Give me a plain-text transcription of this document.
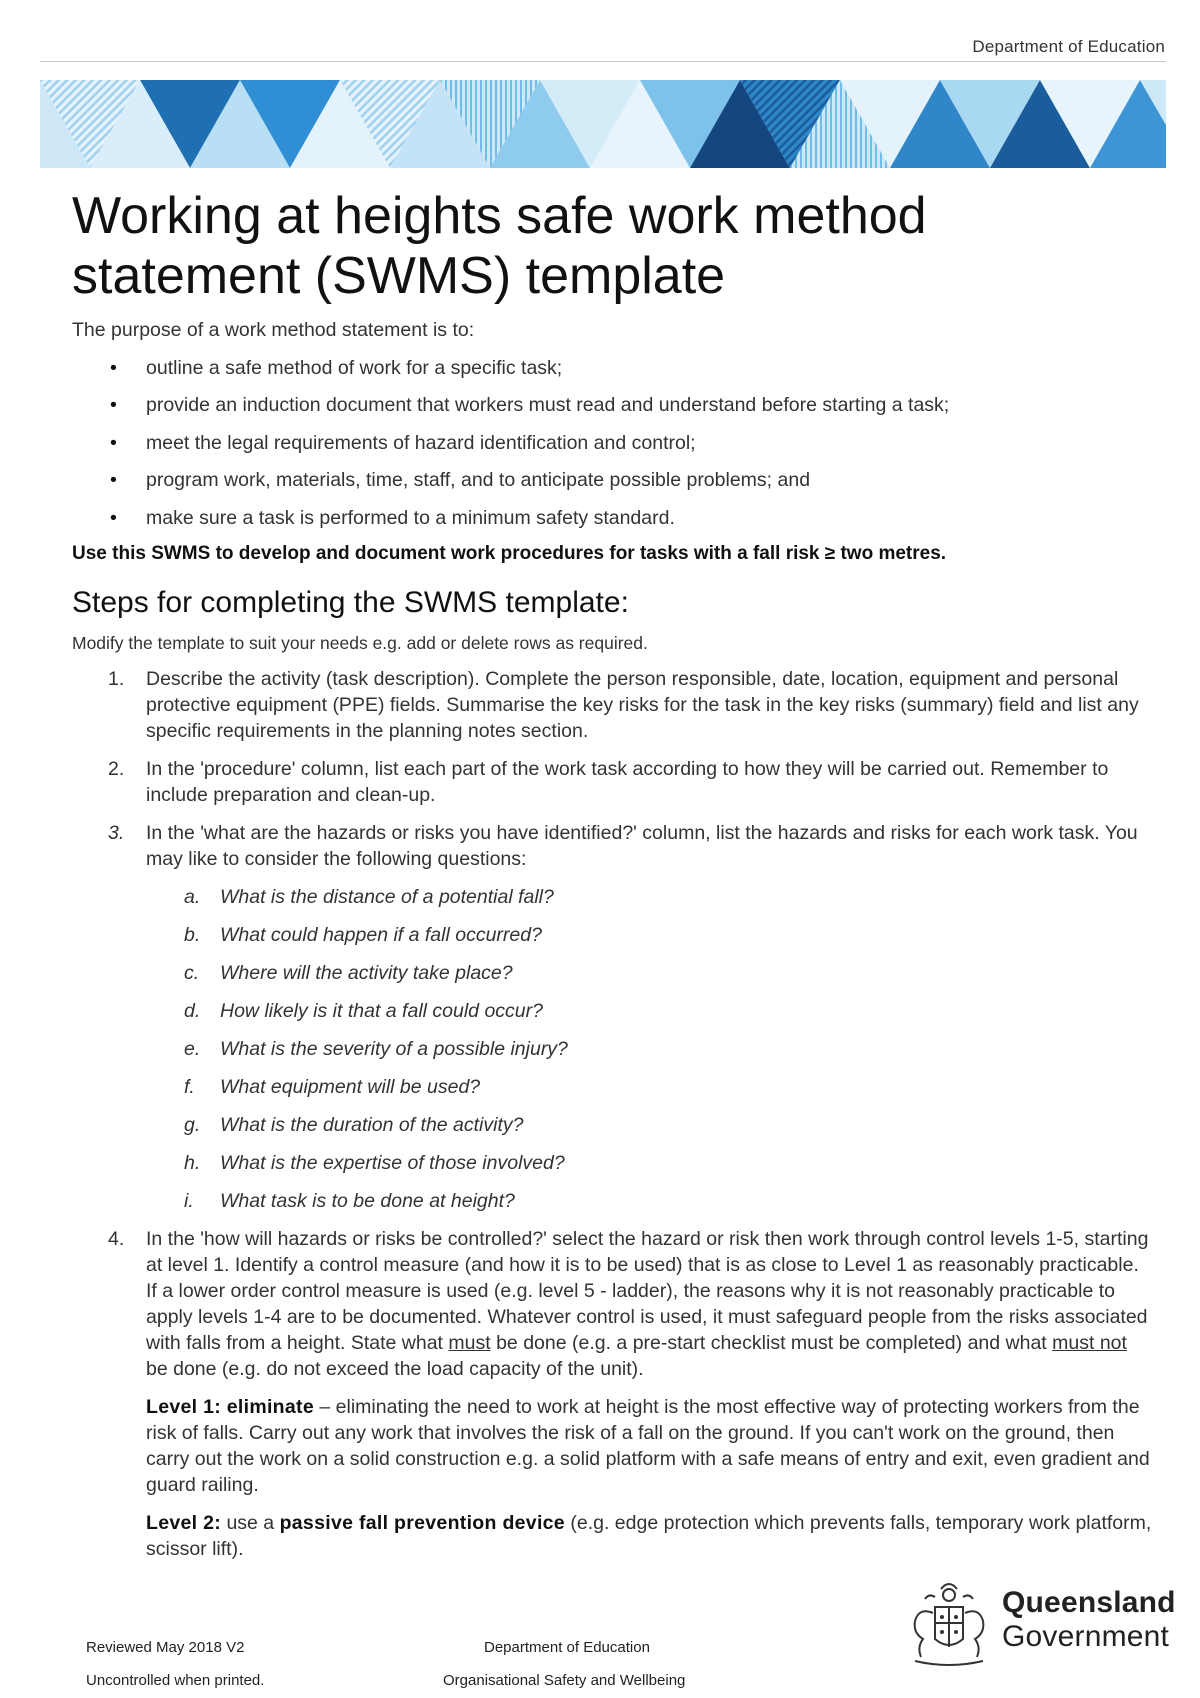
Department of Education
Working at heights safe work method statement (SWMS) template

The purpose of a work method statement is to:

• outline a safe method of work for a specific task;
• provide an induction document that workers must read and understand before starting a task;
• meet the legal requirements of hazard identification and control;
• program work, materials, time, staff, and to anticipate possible problems; and
• make sure a task is performed to a minimum safety standard.

Use this SWMS to develop and document work procedures for tasks with a fall risk ≥ two metres.

Steps for completing the SWMS template:

Modify the template to suit your needs e.g. add or delete rows as required.

1. Describe the activity (task description). Complete the person responsible, date, location, equipment and personal protective equipment (PPE) fields. Summarise the key risks for the task in the key risks (summary) field and list any specific requirements in the planning notes section.
2. In the 'procedure' column, list each part of the work task according to how they will be carried out. Remember to include preparation and clean-up.
3. In the 'what are the hazards or risks you have identified?' column, list the hazards and risks for each work task. You may like to consider the following questions:
a. What is the distance of a potential fall?
b. What could happen if a fall occurred?
c. Where will the activity take place?
d. How likely is it that a fall could occur?
e. What is the severity of a possible injury?
f. What equipment will be used?
g. What is the duration of the activity?
h. What is the expertise of those involved?
i. What task is to be done at height?
4. In the 'how will hazards or risks be controlled?' select the hazard or risk then work through control levels 1-5, starting at level 1. Identify a control measure (and how it is to be used) that is as close to Level 1 as reasonably practicable. If a lower order control measure is used (e.g. level 5 - ladder), the reasons why it is not reasonably practicable to apply levels 1-4 are to be documented. Whatever control is used, it must safeguard people from the risks associated with falls from a height. State what must be done (e.g. a pre-start checklist must be completed) and what must not be done (e.g. do not exceed the load capacity of the unit).

Level 1: eliminate – eliminating the need to work at height is the most effective way of protecting workers from the risk of falls. Carry out any work that involves the risk of a fall on the ground. If you can't work on the ground, then carry out the work on a solid construction e.g. a solid platform with a safe means of entry and exit, even gradient and guard railing.

Level 2: use a passive fall prevention device (e.g. edge protection which prevents falls, temporary work platform, scissor lift).

Queensland
Government
Reviewed May 2018 V2
Uncontrolled when printed.
Department of Education
Organisational Safety and Wellbeing
